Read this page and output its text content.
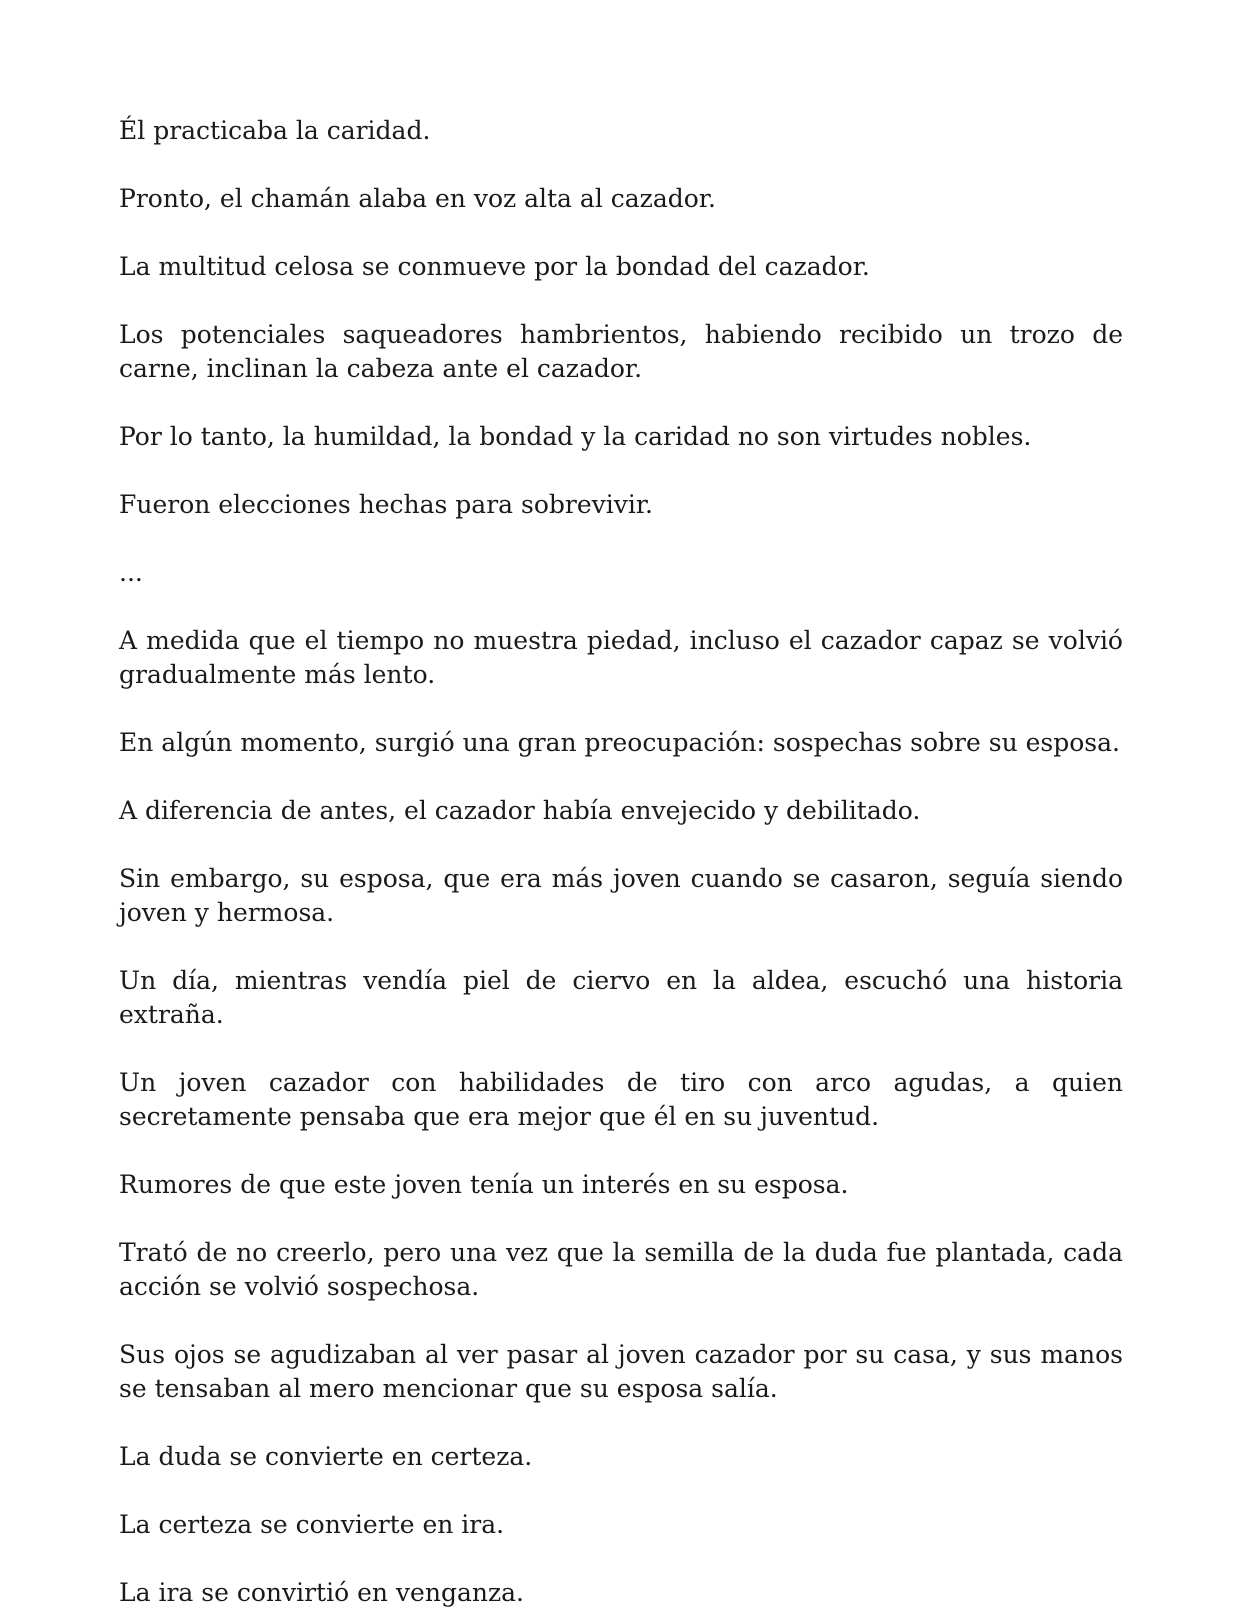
Él practicaba la caridad.

Pronto, el chamán alaba en voz alta al cazador.

La multitud celosa se conmueve por la bondad del cazador.

Los potenciales saqueadores hambrientos, habiendo recibido un trozo de carne, inclinan la cabeza ante el cazador.

Por lo tanto, la humildad, la bondad y la caridad no son virtudes nobles.

Fueron elecciones hechas para sobrevivir.

...

A medida que el tiempo no muestra piedad, incluso el cazador capaz se volvió gradualmente más lento.

En algún momento, surgió una gran preocupación: sospechas sobre su esposa.

A diferencia de antes, el cazador había envejecido y debilitado.

Sin embargo, su esposa, que era más joven cuando se casaron, seguía siendo joven y hermosa.

Un día, mientras vendía piel de ciervo en la aldea, escuchó una historia extraña.

Un joven cazador con habilidades de tiro con arco agudas, a quien secretamente pensaba que era mejor que él en su juventud.

Rumores de que este joven tenía un interés en su esposa.

Trató de no creerlo, pero una vez que la semilla de la duda fue plantada, cada acción se volvió sospechosa.

Sus ojos se agudizaban al ver pasar al joven cazador por su casa, y sus manos se tensaban al mero mencionar que su esposa salía.

La duda se convierte en certeza.

La certeza se convierte en ira.

La ira se convirtió en venganza.
